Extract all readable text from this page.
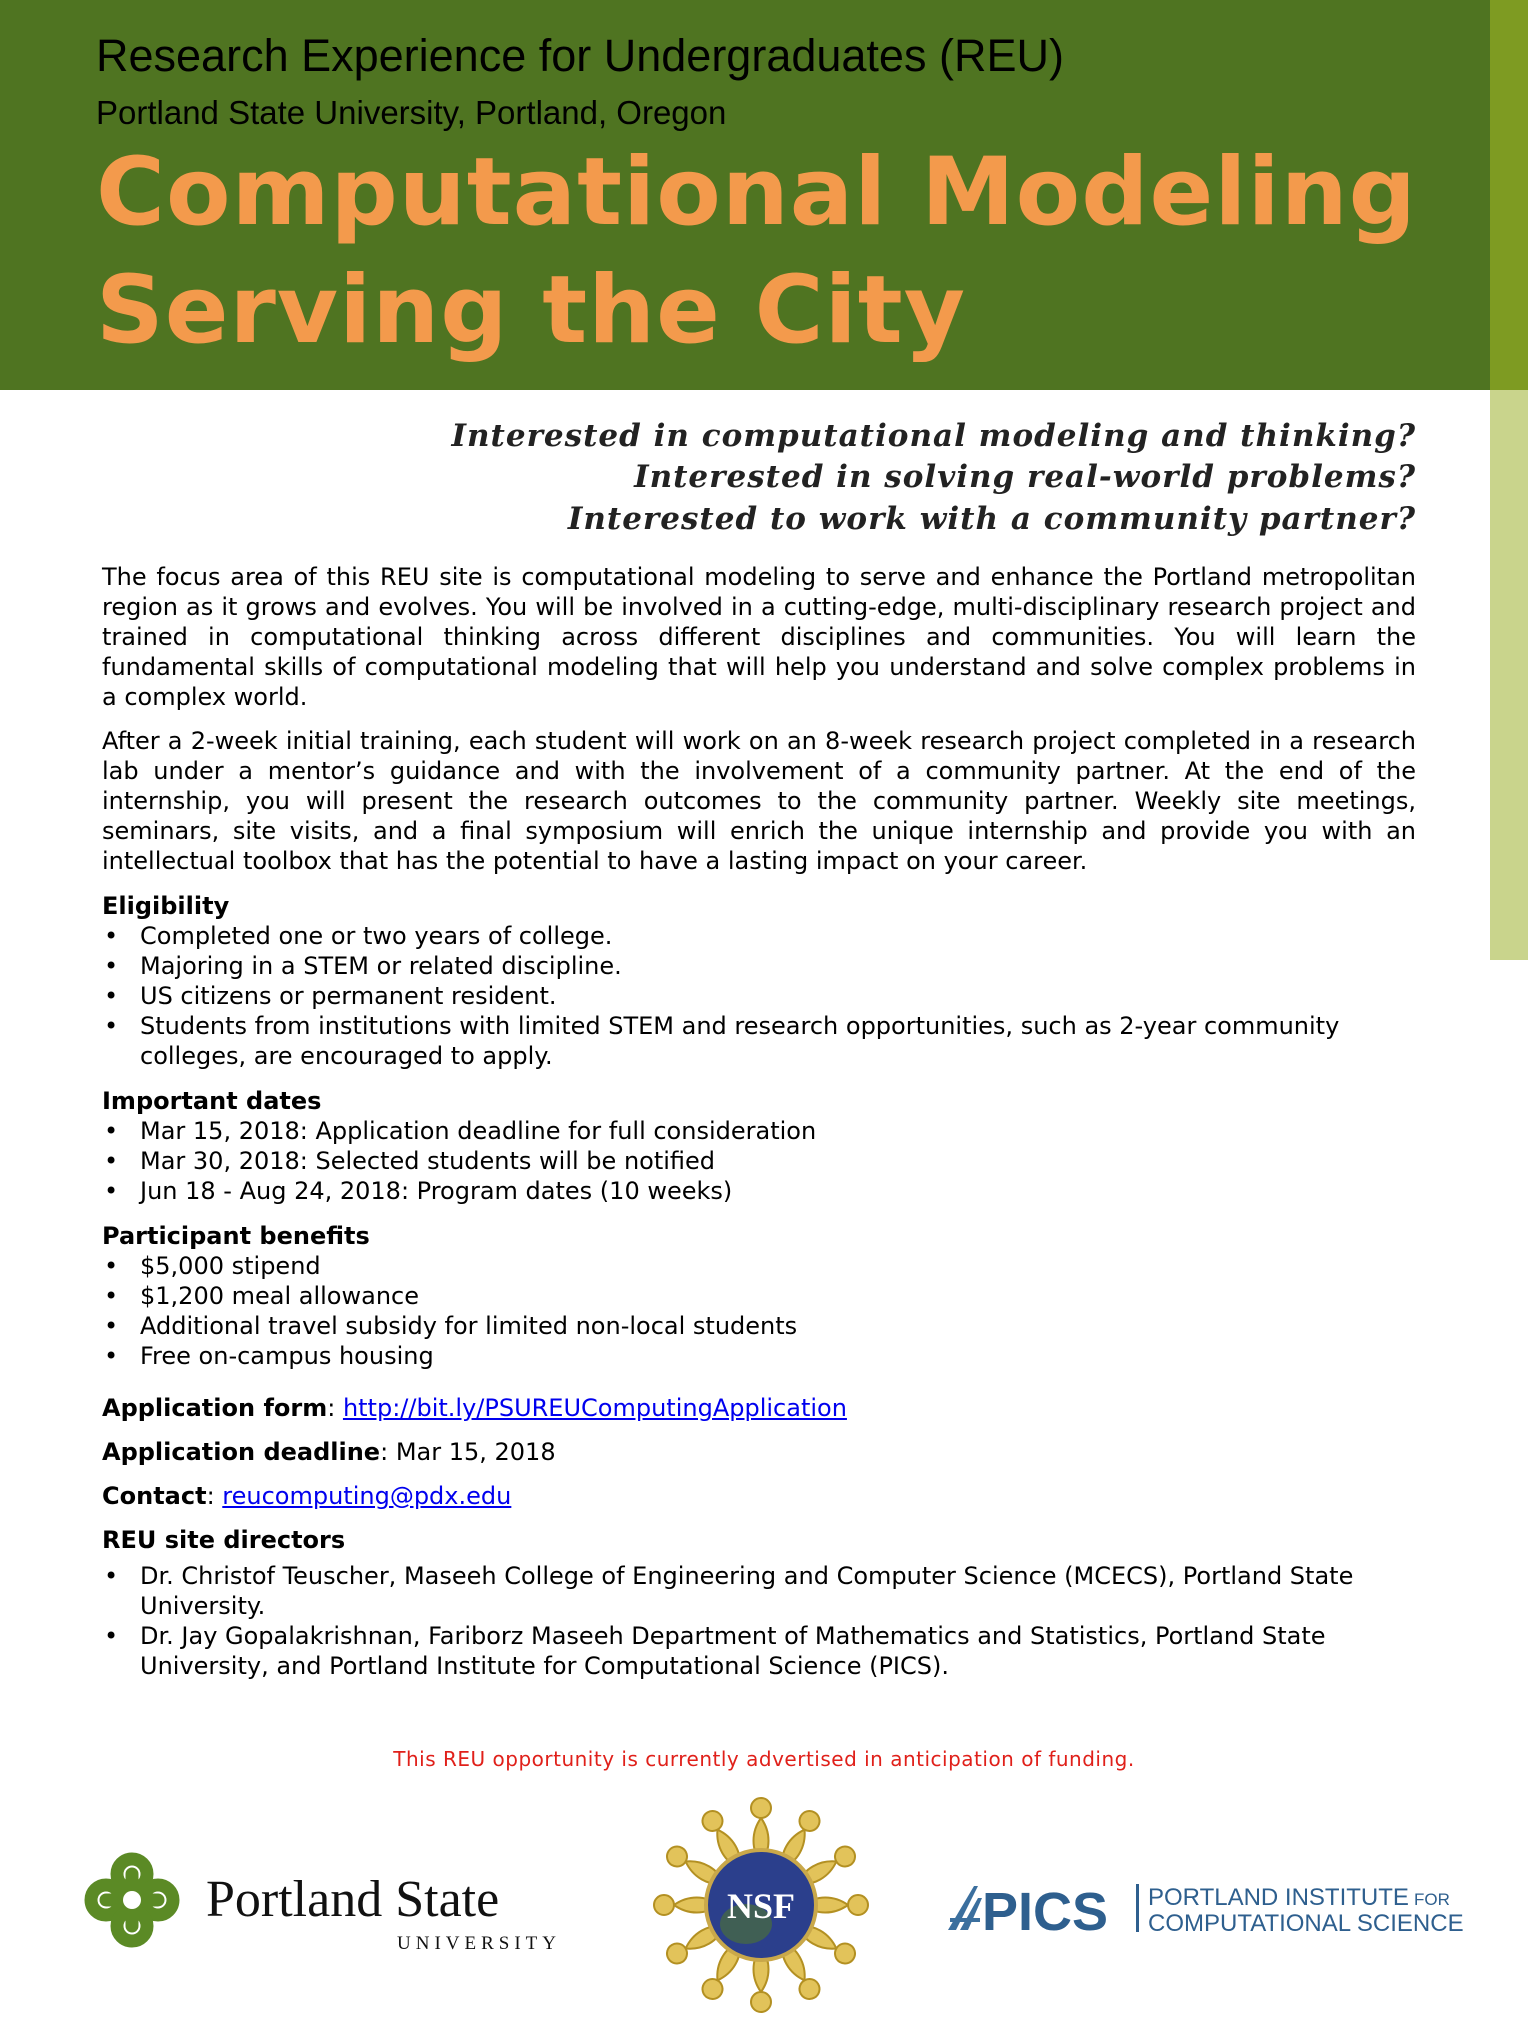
Research Experience for Undergraduates (REU)
Portland State University, Portland, Oregon
Computational Modeling
Serving the City
Interested in computational modeling and thinking?
Interested in solving real-world problems?
Interested to work with a community partner?

The focus area of this REU site is computational modeling to serve and enhance the Portland metropolitan region as it grows and evolves. You will be involved in a cutting-edge, multi-disciplinary research project and trained in computational thinking across different disciplines and communities. You will learn the fundamental skills of computational modeling that will help you understand and solve complex problems in a complex world.

After a 2-week initial training, each student will work on an 8-week research project completed in a research lab under a mentor’s guidance and with the involvement of a community partner. At the end of the internship, you will present the research outcomes to the community partner. Weekly site meetings, seminars, site visits, and a final symposium will enrich the unique internship and provide you with an intellectual toolbox that has the potential to have a lasting impact on your career.

Eligibility
• Completed one or two years of college.
• Majoring in a STEM or related discipline.
• US citizens or permanent resident.
• Students from institutions with limited STEM and research opportunities, such as 2-year community colleges, are encouraged to apply.
Important dates
• Mar 15, 2018: Application deadline for full consideration
• Mar 30, 2018: Selected students will be notified
• Jun 18 - Aug 24, 2018: Program dates (10 weeks)
Participant benefits
• $5,000 stipend
• $1,200 meal allowance
• Additional travel subsidy for limited non-local students
• Free on-campus housing
Application form: http://bit.ly/PSUREUComputingApplication
Application deadline: Mar 15, 2018
Contact: reucomputing@pdx.edu
REU site directors
• Dr. Christof Teuscher, Maseeh College of Engineering and Computer Science (MCECS), Portland State University.
• Dr. Jay Gopalakrishnan, Fariborz Maseeh Department of Mathematics and Statistics, Portland State University, and Portland Institute for Computational Science (PICS).
This REU opportunity is currently advertised in anticipation of funding.
Portland State
UNIVERSITY
NSF	PICS PORTLAND INSTITUTE FOR
COMPUTATIONAL SCIENCE
